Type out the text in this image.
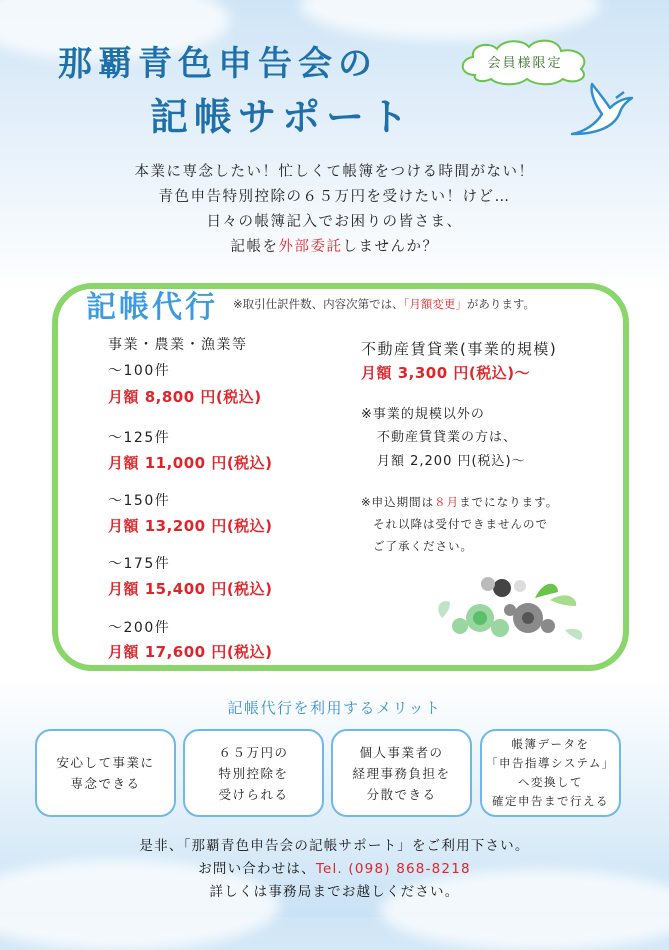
那覇青色申告会の
記帳サポート
会員様限定
本業に専念したい！忙しくて帳簿をつける時間がない！
青色申告特別控除の６５万円を受けたい！けど…
日々の帳簿記入でお困りの皆さま、
記帳を外部委託しませんか？
記帳代行 ※取引仕訳件数、内容次第では、「月額変更」があります。
事業・農業・漁業等
～100件
月額 8,800 円(税込)
～125件
月額 11,000 円(税込)
～150件
月額 13,200 円(税込)
～175件
月額 15,400 円(税込)
～200件
月額 17,600 円(税込)
不動産賃貸業(事業的規模)
月額 3,300 円(税込)～
※事業的規模以外の
不動産賃貸業の方は、
月額 2,200 円(税込)～
※申込期間は８月までになります。
それ以降は受付できませんので
ご了承ください。
記帳代行を利用するメリット
安心して事業に
専念できる
６５万円の
特別控除を
受けられる
個人事業者の
経理事務負担を
分散できる
帳簿データを
「申告指導システム」
へ変換して
確定申告まで行える
是非、「那覇青色申告会の記帳サポート」をご利用下さい。
お問い合わせは、Tel. (098) 868-8218
詳しくは事務局までお越しください。
